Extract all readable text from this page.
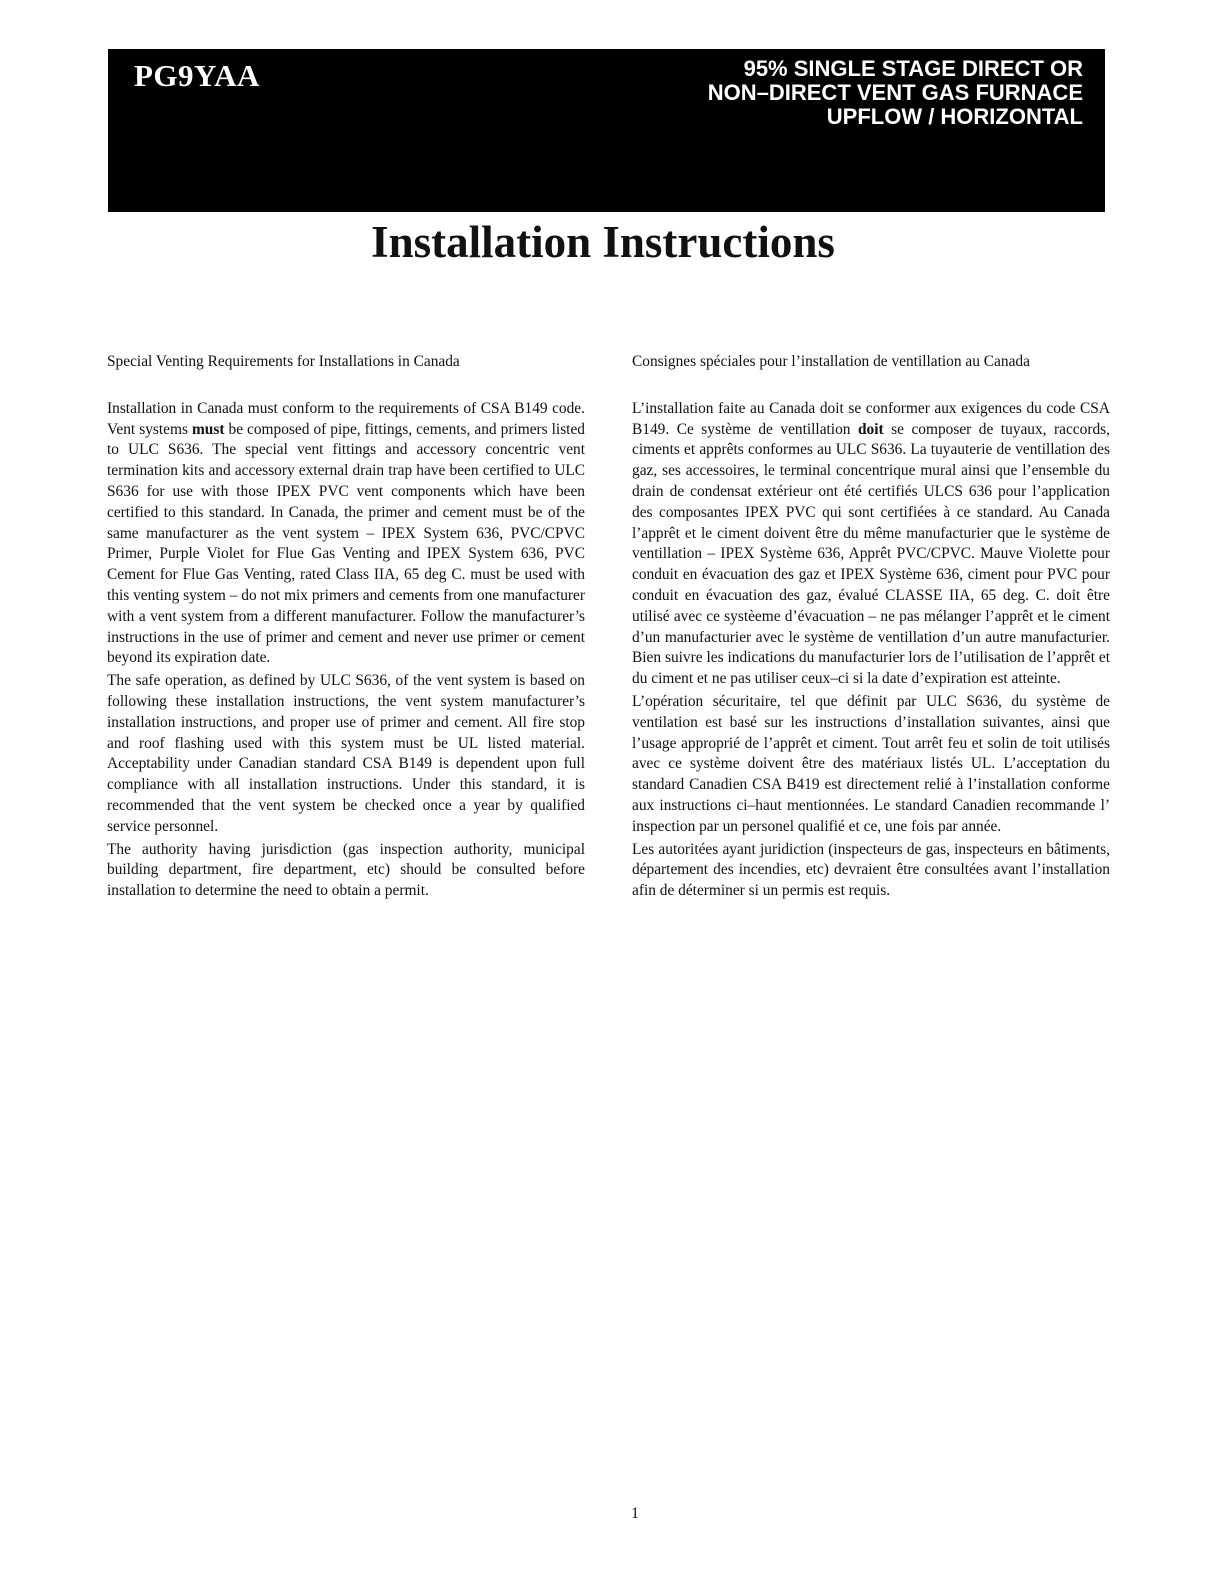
PG9YAA	95% SINGLE STAGE DIRECT OR
NON–DIRECT VENT GAS FURNACE
UPFLOW / HORIZONTAL
Installation Instructions

Special Venting Requirements for Installations in Canada

Installation in Canada must conform to the requirements of CSA B149 code. Vent systems must be composed of pipe, fittings, cements, and primers listed to ULC S636. The special vent fittings and accessory concentric vent termination kits and accessory external drain trap have been certified to ULC S636 for use with those IPEX PVC vent components which have been certified to this standard. In Canada, the primer and cement must be of the same manufacturer as the vent system – IPEX System 636, PVC/CPVC Primer, Purple Violet for Flue Gas Venting and IPEX System 636, PVC Cement for Flue Gas Venting, rated Class IIA, 65 deg C. must be used with this venting system – do not mix primers and cements from one manufacturer with a vent system from a different manufacturer. Follow the manufacturer’s instructions in the use of primer and cement and never use primer or cement beyond its expiration date.

The safe operation, as defined by ULC S636, of the vent system is based on following these installation instructions, the vent system manufacturer’s installation instructions, and proper use of primer and cement. All fire stop and roof flashing used with this system must be UL listed material. Acceptability under Canadian standard CSA B149 is dependent upon full compliance with all installation instructions. Under this standard, it is recommended that the vent system be checked once a year by qualified service personnel.

The authority having jurisdiction (gas inspection authority, municipal building department, fire department, etc) should be consulted before installation to determine the need to obtain a permit.

Consignes spéciales pour l’installation de ventillation au Canada

L’installation faite au Canada doit se conformer aux exigences du code CSA B149. Ce système de ventillation doit se composer de tuyaux, raccords, ciments et apprêts conformes au ULC S636. La tuyauterie de ventillation des gaz, ses accessoires, le terminal concentrique mural ainsi que l’ensemble du drain de condensat extérieur ont été certifiés ULCS 636 pour l’application des composantes IPEX PVC qui sont certifiées à ce standard. Au Canada l’apprêt et le ciment doivent être du même manufacturier que le système de ventillation – IPEX Système 636, Apprêt PVC/CPVC. Mauve Violette pour conduit en évacuation des gaz et IPEX Système 636, ciment pour PVC pour conduit en évacuation des gaz, évalué CLASSE IIA, 65 deg. C. doit être utilisé avec ce systèeme d’évacuation – ne pas mélanger l’apprêt et le ciment d’un manufacturier avec le système de ventillation d’un autre manufacturier. Bien suivre les indications du manufacturier lors de l’utilisation de l’apprêt et du ciment et ne pas utiliser ceux–ci si la date d’expiration est atteinte.

L’opération sécuritaire, tel que définit par ULC S636, du système de ventilation est basé sur les instructions d’installation suivantes, ainsi que l’usage approprié de l’apprêt et ciment. Tout arrêt feu et solin de toit utilisés avec ce système doivent être des matériaux listés UL. L’acceptation du standard Canadien CSA B419 est directement relié à l’installation conforme aux instructions ci–haut mentionnées. Le standard Canadien recommande l’ inspection par un personel qualifié et ce, une fois par année.

Les autoritées ayant juridiction (inspecteurs de gas, inspecteurs en bâtiments, département des incendies, etc) devraient être consultées avant l’installation afin de déterminer si un permis est requis.

1
